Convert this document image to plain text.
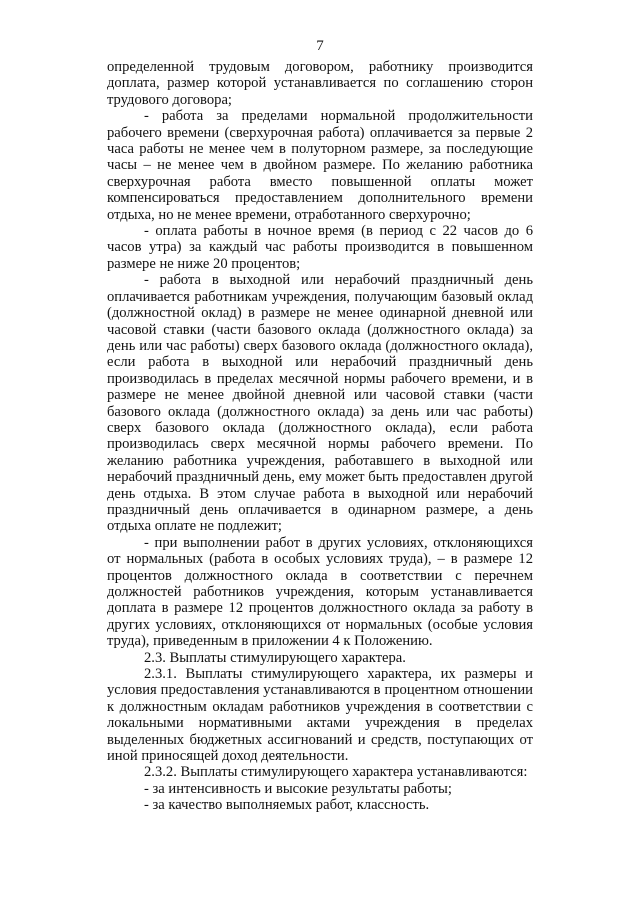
7

определенной трудовым договором, работнику производится доплата, размер которой устанавливается по соглашению сторон трудового договора;

- работа за пределами нормальной продолжительности рабочего времени (сверхурочная работа) оплачивается за первые 2 часа работы не менее чем в полуторном размере, за последующие часы – не менее чем в двойном размере. По желанию работника сверхурочная работа вместо повышенной оплаты может компенсироваться предоставлением дополнительного времени отдыха, но не менее времени, отработанного сверхурочно;

- оплата работы в ночное время (в период с 22 часов до 6 часов утра) за каждый час работы производится в повышенном размере не ниже 20 процентов;

- работа в выходной или нерабочий праздничный день оплачивается работникам учреждения, получающим базовый оклад (должностной оклад) в размере не менее одинарной дневной или часовой ставки (части базового оклада (должностного оклада) за день или час работы) сверх базового оклада (должностного оклада), если работа в выходной или нерабочий праздничный день производилась в пределах месячной нормы рабочего времени, и в размере не менее двойной дневной или часовой ставки (части базового оклада (должностного оклада) за день или час работы) сверх базового оклада (должностного оклада), если работа производилась сверх месячной нормы рабочего времени. По желанию работника учреждения, работавшего в выходной или нерабочий праздничный день, ему может быть предоставлен другой день отдыха. В этом случае работа в выходной или нерабочий праздничный день оплачивается в одинарном размере, а день отдыха оплате не подлежит;

- при выполнении работ в других условиях, отклоняющихся от нормальных (работа в особых условиях труда), – в размере 12 процентов должностного оклада в соответствии с перечнем должностей работников учреждения, которым устанавливается доплата в размере 12 процентов должностного оклада за работу в других условиях, отклоняющихся от нормальных (особые условия труда), приведенным в приложении 4 к Положению.

2.3. Выплаты стимулирующего характера.

2.3.1. Выплаты стимулирующего характера, их размеры и условия предоставления устанавливаются в процентном отношении к должностным окладам работников учреждения в соответствии с локальными нормативными актами учреждения в пределах выделенных бюджетных ассигнований и средств, поступающих от иной приносящей доход деятельности.

2.3.2. Выплаты стимулирующего характера устанавливаются:

- за интенсивность и высокие результаты работы;

- за качество выполняемых работ, классность.
